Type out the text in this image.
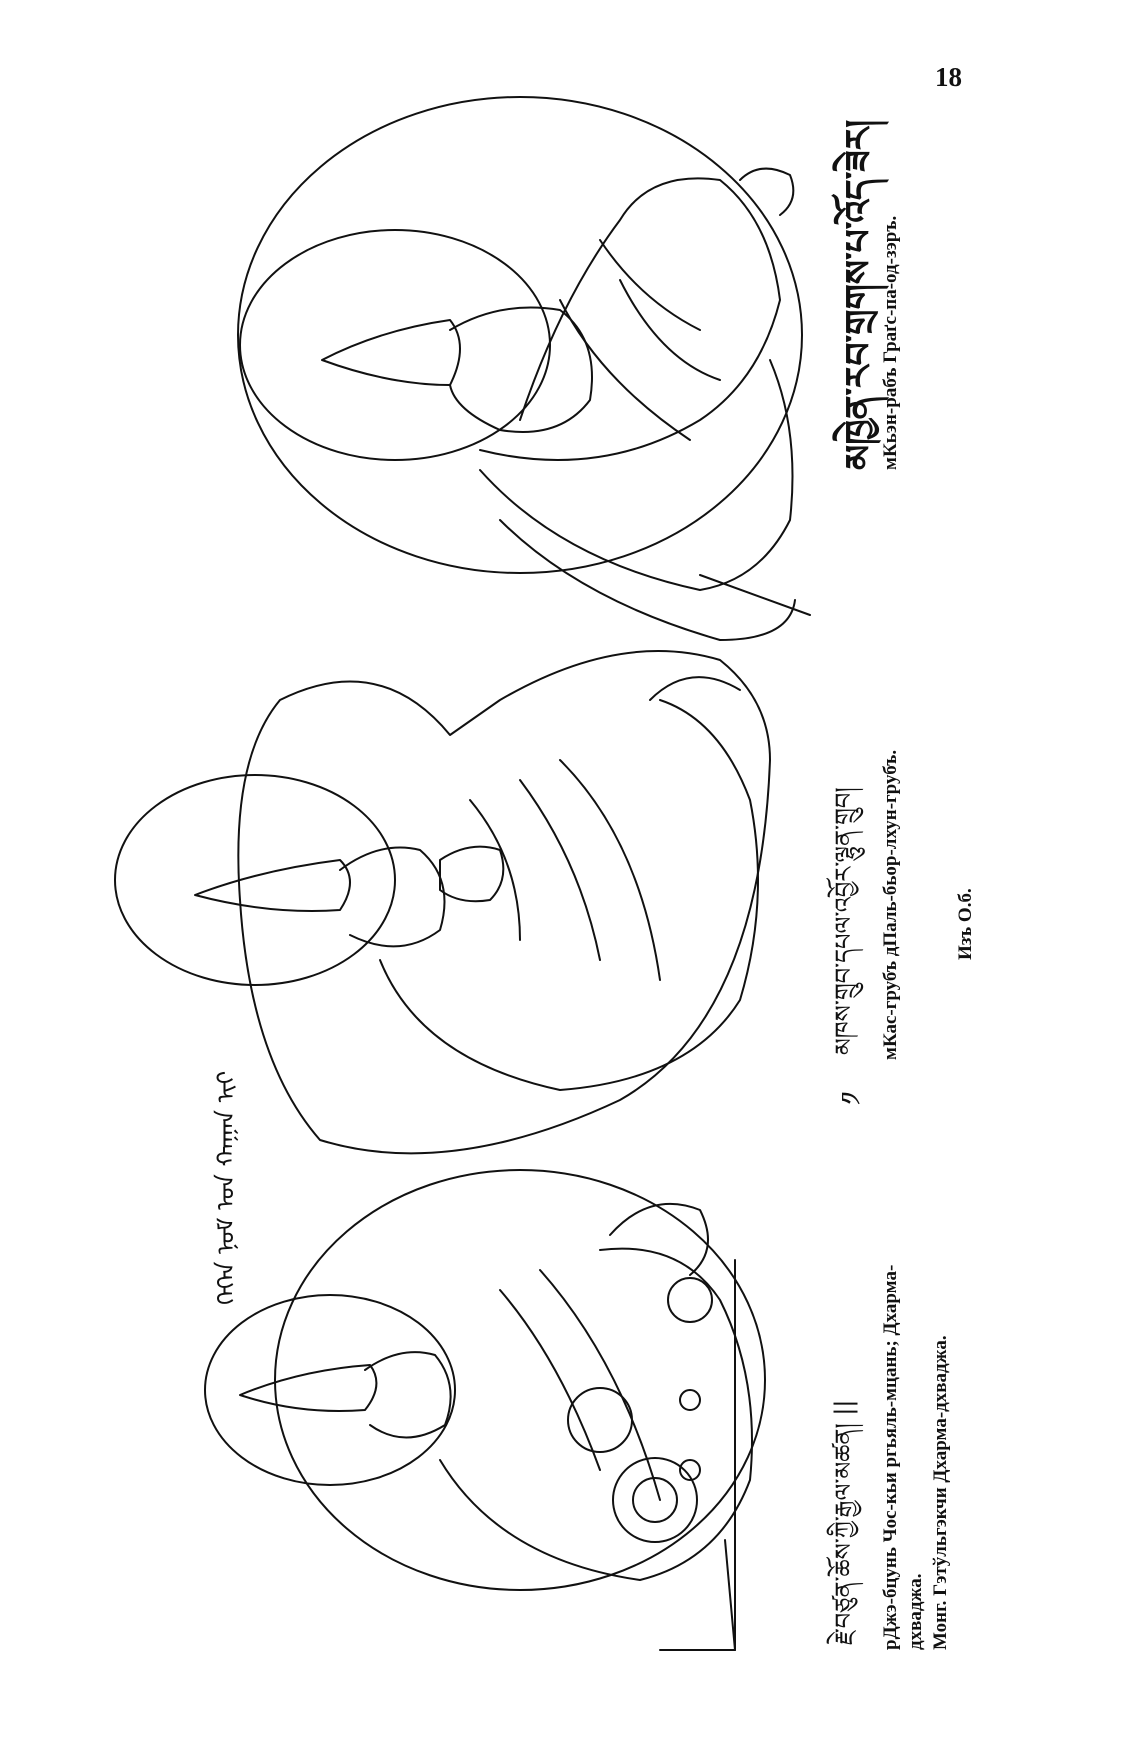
18
མཁྱེན་རབ་གྲགས་པ་འོད་ཟེར། мКьэн-рабъ Граґс-па-од-зэръ.
༡
མཁས་གྲུབ་དཔལ་འབྱོར་ལྷུན་གྲུབ།	мКас-грубъ дПаль-бьор-лхун-грубъ.	Изъ О.б.
ᠭᠡᠭᠡᠨ ᠨᠣᠮ ᠤᠨ ᠬᠠᠭᠠᠨ ᠢᠢ
རྗེ་བཙུན་ཆོས་ཀྱི་རྒྱལ་མཚན། ||	рДжэ-бцунь Чос-кьи ргьяль-мцань; Дхарма- дхваджа. Монг. Гэтўльгэкчи Дхарма-дхваджа.
